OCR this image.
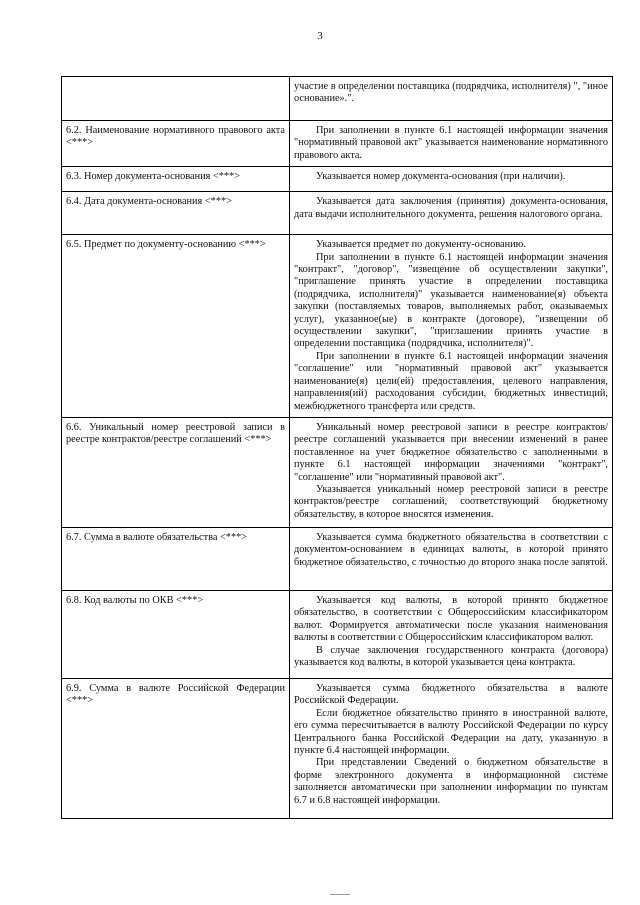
3

	участие в определении поставщика (подрядчика, исполнителя) ", "иное основание».".

6.2. Наименование нормативного правового акта <***>	При заполнении в пункте 6.1 настоящей информации значения "нормативный правовой акт" указывается наименование нормативного правового акта.

6.3. Номер документа-основания <***>	Указывается номер документа-основания (при наличии).

6.4. Дата документа-основания <***>	Указывается дата заключения (принятия) документа-основания, дата выдачи исполнительного документа, решения налогового органа.

6.5. Предмет по документу-основанию <***>	Указывается предмет по документу-основанию.

При заполнении в пункте 6.1 настоящей информации значения "контракт", "договор", "извещение об осуществлении закупки", "приглашение принять участие в определении поставщика (подрядчика, исполнителя)" указывается наименование(я) объекта закупки (поставляемых товаров, выполняемых работ, оказываемых услуг), указанное(ые) в контракте (договоре), "извещении об осуществлении закупки", "приглашении принять участие в определении поставщика (подрядчика, исполнителя)".

При заполнении в пункте 6.1 настоящей информации значения "соглашение" или "нормативный правовой акт" указывается наименование(я) цели(ей) предоставления, целевого направления, направления(ий) расходования субсидии, бюджетных инвестиций, межбюджетного трансферта или средств.

6.6. Уникальный номер реестровой записи в реестре контрактов/реестре соглашений <***>	Уникальный номер реестровой записи в реестре контрактов/реестре соглашений указывается при внесении изменений в ранее поставленное на учет бюджетное обязательство с заполненными в пункте 6.1 настоящей информации значениями "контракт", "соглашение" или "нормативный правовой акт".

Указывается уникальный номер реестровой записи в реестре контрактов/реестре соглашений, соответствующий бюджетному обязательству, в которое вносятся изменения.

6.7. Сумма в валюте обязательства <***>	Указывается сумма бюджетного обязательства в соответствии с документом-основанием в единицах валюты, в которой принято бюджетное обязательство, с точностью до второго знака после запятой.

6.8. Код валюты по ОКВ <***>	Указывается код валюты, в которой принято бюджетное обязательство, в соответствии с Общероссийским классификатором валют. Формируется автоматически после указания наименования валюты в соответствии с Общероссийским классификатором валют.

В случае заключения государственного контракта (договора) указывается код валюты, в которой указывается цена контракта.

6.9. Сумма в валюте Российской Федерации <***>	Указывается сумма бюджетного обязательства в валюте Российской Федерации.

Если бюджетное обязательство принято в иностранной валюте, его сумма пересчитывается в валюту Российской Федерации по курсу Центрального банка Российской Федерации на дату, указанную в пункте 6.4 настоящей информации.

При представлении Сведений о бюджетном обязательстве в форме электронного документа в информационной системе заполняется автоматически при заполнении информации по пунктам 6.7 и 6.8 настоящей информации.
